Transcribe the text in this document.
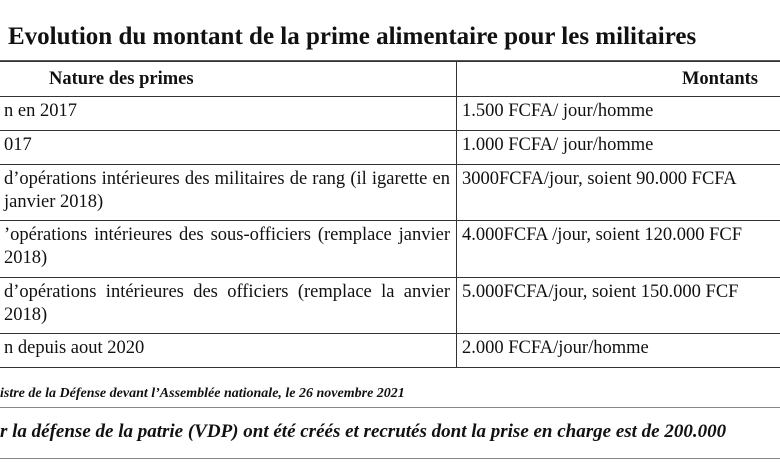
Evolution du montant de la prime alimentaire pour les militaires
Nature des primes	Montants
n en 2017	1.500 FCFA/ jour/homme
017	1.000 FCFA/ jour/homme
d’opérations intérieures des militaires de rang (il igarette en janvier 2018)	3000FCFA/jour, soient 90.000 FCFA
’opérations intérieures des sous-officiers (remplace janvier 2018)	4.000FCFA /jour, soient 120.000 FCF
d’opérations intérieures des officiers (remplace la anvier 2018)	5.000FCFA/jour, soient 150.000 FCF
n depuis aout 2020	2.000 FCFA/jour/homme
istre de la Défense devant l’Assemblée nationale, le 26 novembre 2021
r la défense de la patrie (VDP) ont été créés et recrutés dont la prise en charge est de 200.000
